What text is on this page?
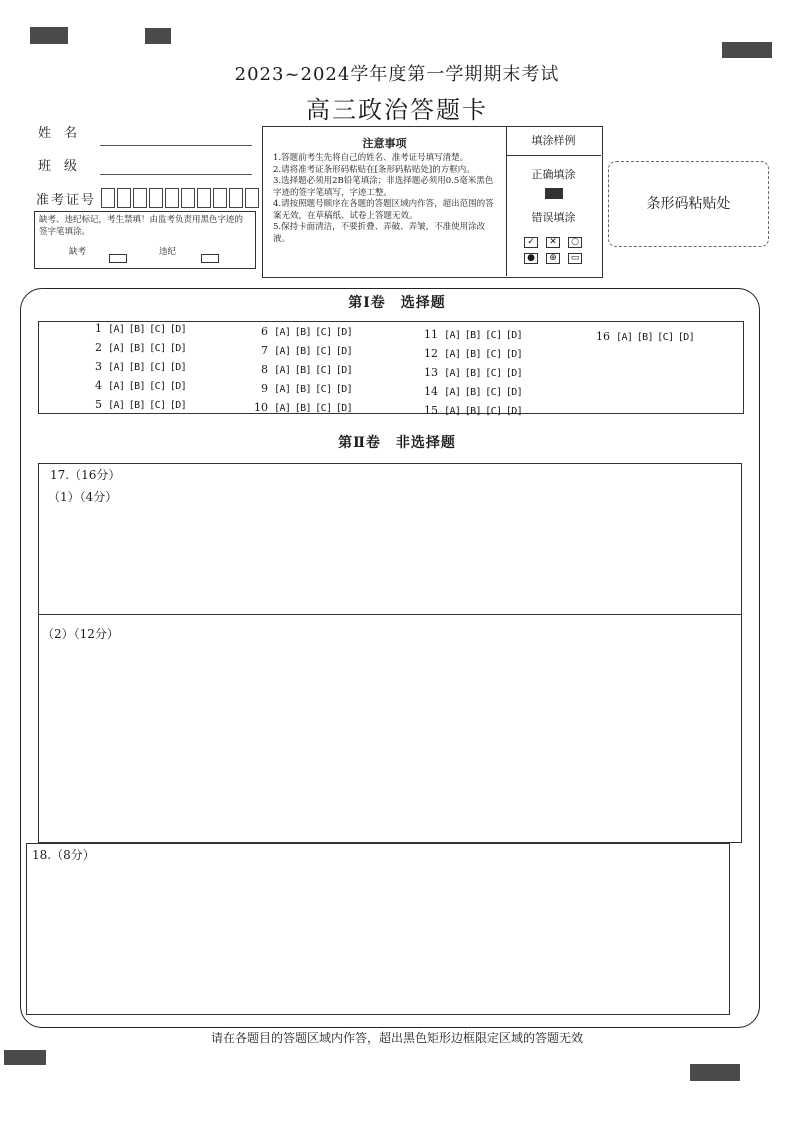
2023~2024学年度第一学期期末考试
高三政治答题卡
姓　名
班　级
准考证号
缺考、违纪标记，考生禁填！由监考负责用黑色字迹的签字笔填涂。
缺考	违纪
注意事项

1.答题前考生先将自己的姓名、准考证号填写清楚。

2.请将准考证条形码粘贴在[条形码粘贴处]的方框内。

3.选择题必须用2B铅笔填涂；非选择题必须用0.5毫米黑色字迹的签字笔填写，字迹工整。

4.请按照题号顺序在各题的答题区域内作答，超出范围的答案无效，在草稿纸、试卷上答题无效。

5.保持卡面清洁，不要折叠、弄破、弄皱，不准使用涂改液。

填涂样例
正确填涂
错误填涂
✓	✕	○
●	⊕	▭
条形码粘贴处
第Ⅰ卷　选择题
1 [A] [B] [C] [D]
2 [A] [B] [C] [D]
3 [A] [B] [C] [D]
4 [A] [B] [C] [D]
5 [A] [B] [C] [D]
6 [A] [B] [C] [D]
7 [A] [B] [C] [D]
8 [A] [B] [C] [D]
9 [A] [B] [C] [D]
10 [A] [B] [C] [D]
11 [A] [B] [C] [D]
12 [A] [B] [C] [D]
13 [A] [B] [C] [D]
14 [A] [B] [C] [D]
15 [A] [B] [C] [D]
16 [A] [B] [C] [D]
第Ⅱ卷　非选择题
17.（16分）
（1）（4分）
（2）（12分）
18.（8分）
请在各题目的答题区域内作答，超出黑色矩形边框限定区域的答题无效
